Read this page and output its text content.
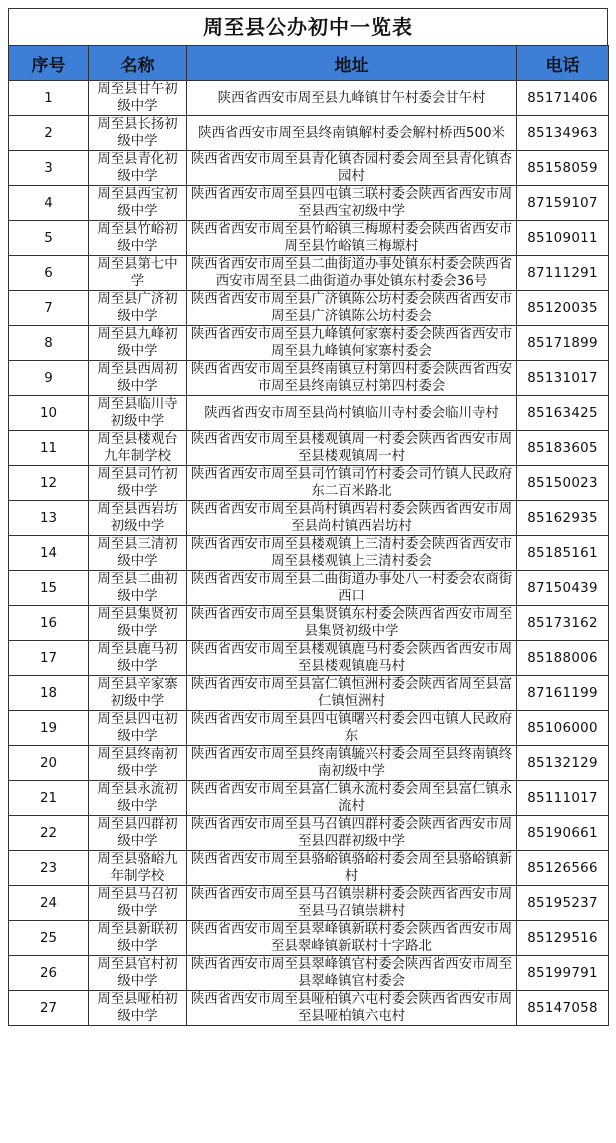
周至县公办初中一览表
序号	名称	地址	电话
1	周至县甘午初级中学	陕西省西安市周至县九峰镇甘午村委会甘午村	85171406
2	周至县长扬初级中学	陕西省西安市周至县终南镇解村委会解村桥西500米	85134963
3	周至县青化初级中学	陕西省西安市周至县青化镇杏园村委会周至县青化镇杏园村	85158059
4	周至县西宝初级中学	陕西省西安市周至县四屯镇三联村委会陕西省西安市周至县西宝初级中学	87159107
5	周至县竹峪初级中学	陕西省西安市周至县竹峪镇三梅塬村委会陕西省西安市周至县竹峪镇三梅塬村	85109011
6	周至县第七中学	陕西省西安市周至县二曲街道办事处镇东村委会陕西省西安市周至县二曲街道办事处镇东村委会36号	87111291
7	周至县广济初级中学	陕西省西安市周至县广济镇陈公坊村委会陕西省西安市周至县广济镇陈公坊村委会	85120035
8	周至县九峰初级中学	陕西省西安市周至县九峰镇何家寨村委会陕西省西安市周至县九峰镇何家寨村委会	85171899
9	周至县西周初级中学	陕西省西安市周至县终南镇豆村第四村委会陕西省西安市周至县终南镇豆村第四村委会	85131017
10	周至县临川寺初级中学	陕西省西安市周至县尚村镇临川寺村委会临川寺村	85163425
11	周至县楼观台九年制学校	陕西省西安市周至县楼观镇周一村委会陕西省西安市周至县楼观镇周一村	85183605
12	周至县司竹初级中学	陕西省西安市周至县司竹镇司竹村委会司竹镇人民政府东二百米路北	85150023
13	周至县西岩坊初级中学	陕西省西安市周至县尚村镇西岩村委会陕西省西安市周至县尚村镇西岩坊村	85162935
14	周至县三清初级中学	陕西省西安市周至县楼观镇上三清村委会陕西省西安市周至县楼观镇上三清村委会	85185161
15	周至县二曲初级中学	陕西省西安市周至县二曲街道办事处八一村委会农商街西口	87150439
16	周至县集贤初级中学	陕西省西安市周至县集贤镇东村委会陕西省西安市周至县集贤初级中学	85173162
17	周至县鹿马初级中学	陕西省西安市周至县楼观镇鹿马村委会陕西省西安市周至县楼观镇鹿马村	85188006
18	周至县辛家寨初级中学	陕西省西安市周至县富仁镇恒洲村委会陕西省周至县富仁镇恒洲村	87161199
19	周至县四屯初级中学	陕西省西安市周至县四屯镇曙兴村委会四屯镇人民政府东	85106000
20	周至县终南初级中学	陕西省西安市周至县终南镇毓兴村委会周至县终南镇终南初级中学	85132129
21	周至县永流初级中学	陕西省西安市周至县富仁镇永流村委会周至县富仁镇永流村	85111017
22	周至县四群初级中学	陕西省西安市周至县马召镇四群村委会陕西省西安市周至县四群初级中学	85190661
23	周至县骆峪九年制学校	陕西省西安市周至县骆峪镇骆峪村委会周至县骆峪镇新村	85126566
24	周至县马召初级中学	陕西省西安市周至县马召镇崇耕村委会陕西省西安市周至县马召镇崇耕村	85195237
25	周至县新联初级中学	陕西省西安市周至县翠峰镇新联村委会陕西省西安市周至县翠峰镇新联村十字路北	85129516
26	周至县官村初级中学	陕西省西安市周至县翠峰镇官村委会陕西省西安市周至县翠峰镇官村委会	85199791
27	周至县哑柏初级中学	陕西省西安市周至县哑柏镇六屯村委会陕西省西安市周至县哑柏镇六屯村	85147058
